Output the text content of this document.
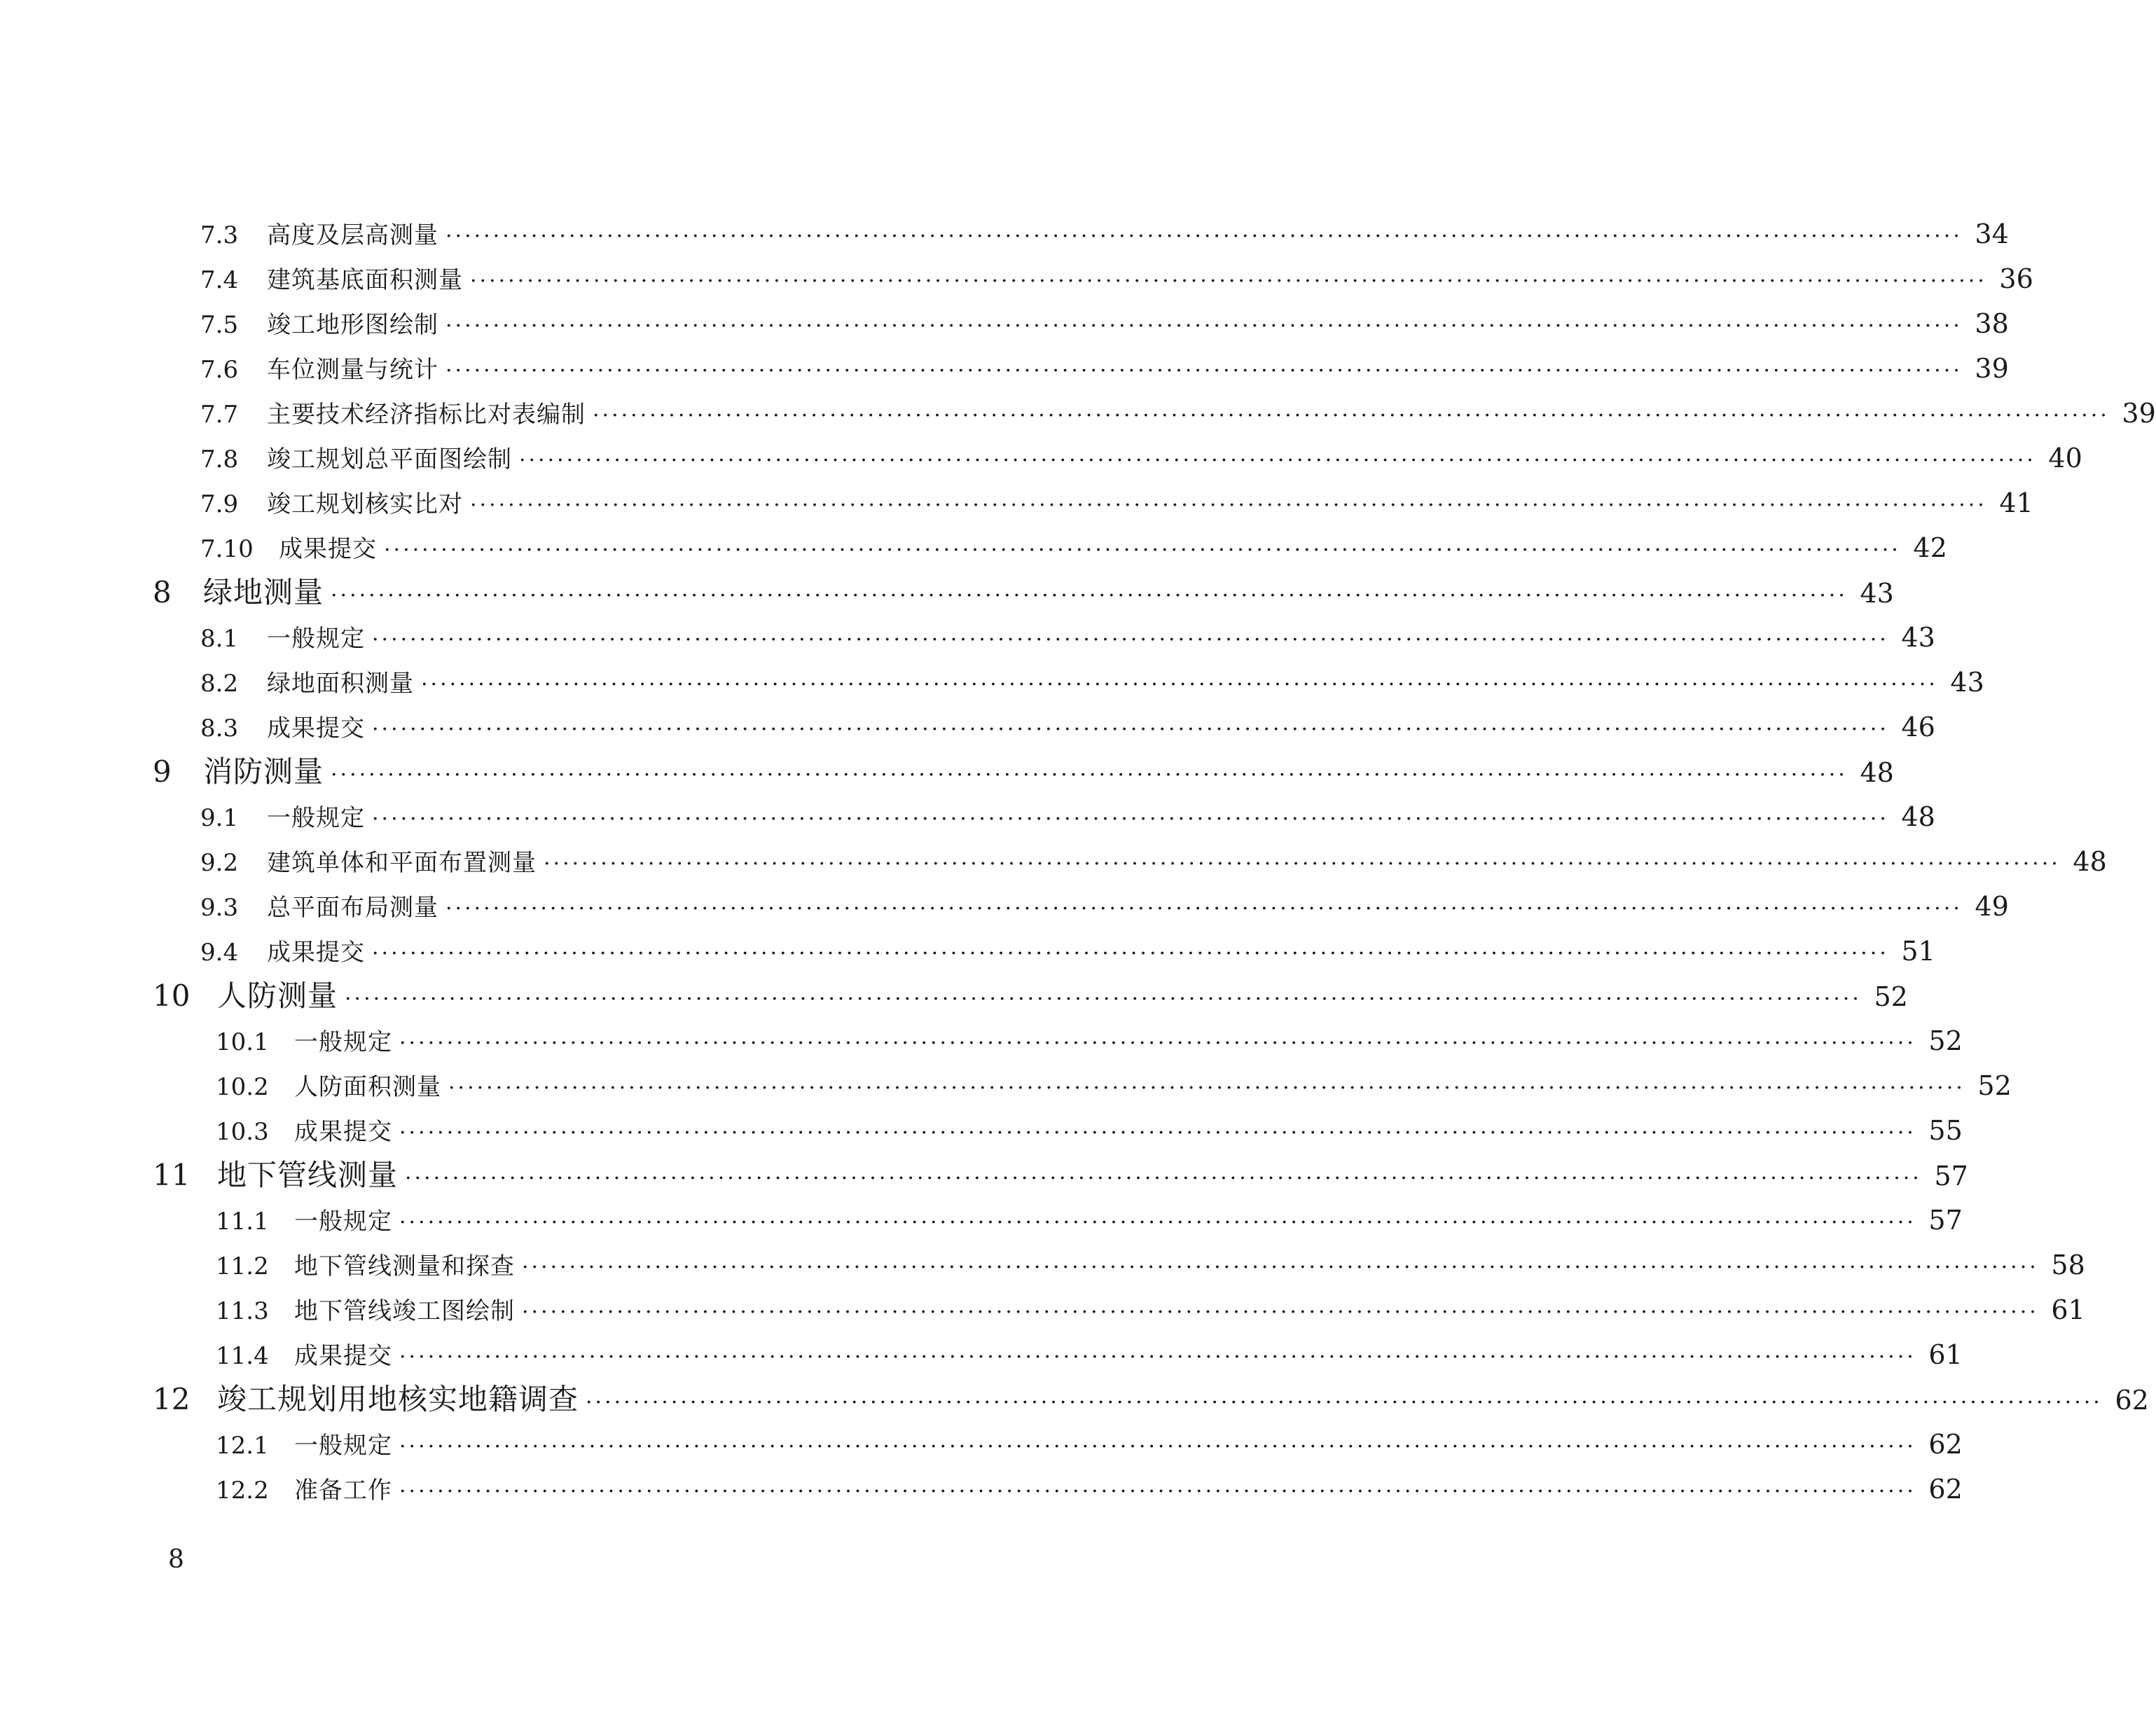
7.3	高度及层高测量 ································································································································································ 34
7.4	建筑基底面积测量 ································································································································································ 36
7.5	竣工地形图绘制 ································································································································································ 38
7.6	车位测量与统计 ································································································································································ 39
7.7	主要技术经济指标比对表编制 ································································································································································ 39
7.8	竣工规划总平面图绘制 ································································································································································ 40
7.9	竣工规划核实比对 ································································································································································ 41
7.10	成果提交 ································································································································································ 42
8	绿地测量 ································································································································································ 43
8.1	一般规定 ································································································································································ 43
8.2	绿地面积测量 ································································································································································ 43
8.3	成果提交 ································································································································································ 46
9	消防测量 ································································································································································ 48
9.1	一般规定 ································································································································································ 48
9.2	建筑单体和平面布置测量 ································································································································································ 48
9.3	总平面布局测量 ································································································································································ 49
9.4	成果提交 ································································································································································ 51
10 人防测量 ································································································································································ 52
10.1	一般规定 ································································································································································ 52
10.2	人防面积测量 ································································································································································ 52
10.3	成果提交 ································································································································································ 55
11 地下管线测量 ································································································································································ 57
11.1	一般规定 ································································································································································ 57
11.2	地下管线测量和探查 ································································································································································ 58
11.3	地下管线竣工图绘制 ································································································································································ 61
11.4	成果提交 ································································································································································ 61
12 竣工规划用地核实地籍调查 ································································································································································ 62
12.1	一般规定 ································································································································································ 62
12.2	准备工作 ································································································································································ 62
8
